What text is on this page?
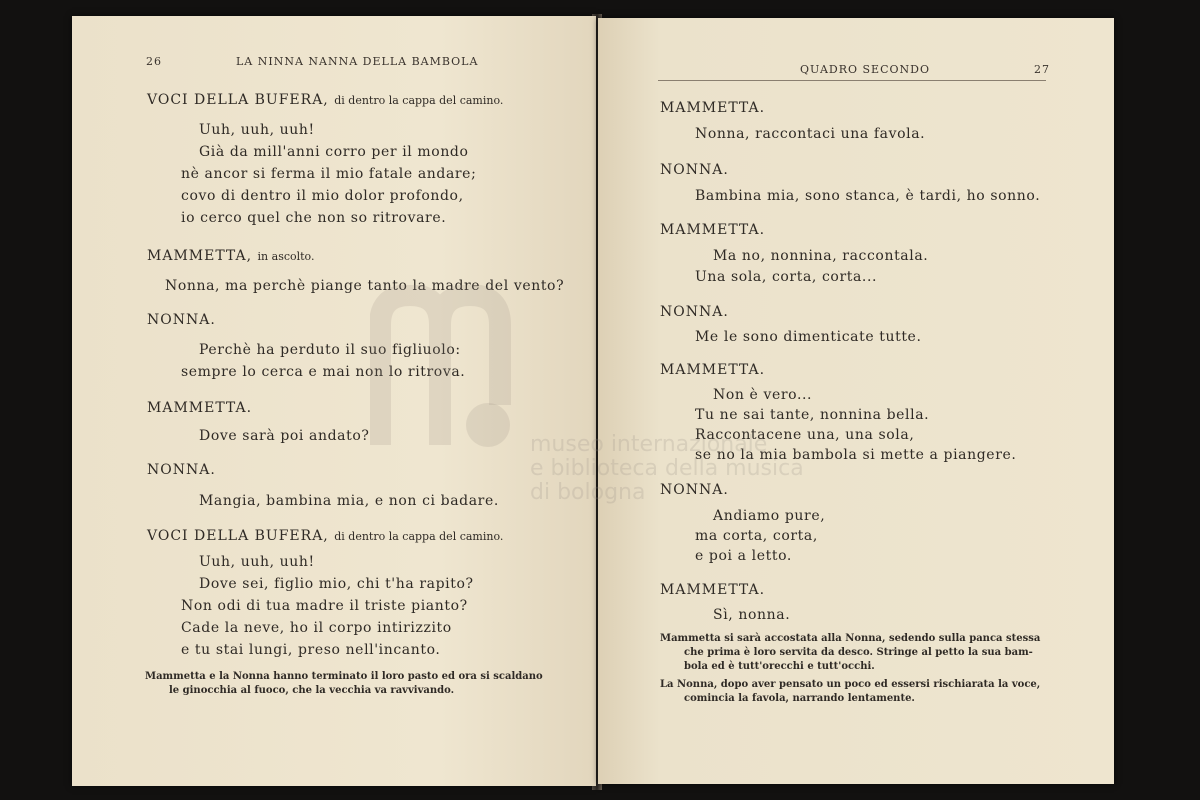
26	LA NINNA NANNA DELLA BAMBOLA
VOCI DELLA BUFERA, di dentro la cappa del camino.
Uuh, uuh, uuh!
Già da mill'anni corro per il mondo
nè ancor si ferma il mio fatale andare;
covo di dentro il mio dolor profondo,
io cerco quel che non so ritrovare.
MAMMETTA, in ascolto.
Nonna, ma perchè piange tanto la madre del vento?
NONNA.
Perchè ha perduto il suo figliuolo:
sempre lo cerca e mai non lo ritrova.
MAMMETTA.
Dove sarà poi andato?
NONNA.
Mangia, bambina mia, e non ci badare.
VOCI DELLA BUFERA, di dentro la cappa del camino.
Uuh, uuh, uuh!
Dove sei, figlio mio, chi t'ha rapito?
Non odi di tua madre il triste pianto?
Cade la neve, ho il corpo intirizzito
e tu stai lungi, preso nell'incanto.
Mammetta e la Nonna hanno terminato il loro pasto ed ora si scaldano
le ginocchia al fuoco, che la vecchia va ravvivando.
QUADRO SECONDO	27
MAMMETTA.
Nonna, raccontaci una favola.
NONNA.
Bambina mia, sono stanca, è tardi, ho sonno.
MAMMETTA.
Ma no, nonnina, raccontala.
Una sola, corta, corta...
NONNA.
Me le sono dimenticate tutte.
MAMMETTA.
Non è vero...
Tu ne sai tante, nonnina bella.
Raccontacene una, una sola,
se no la mia bambola si mette a piangere.
NONNA.
Andiamo pure,
ma corta, corta,
e poi a letto.
MAMMETTA.
Sì, nonna.
Mammetta si sarà accostata alla Nonna, sedendo sulla panca stessa
che prima è loro servita da desco. Stringe al petto la sua bam-
bola ed è tutt'orecchi e tutt'occhi.
La Nonna, dopo aver pensato un poco ed essersi rischiarata la voce,
comincia la favola, narrando lentamente.
museo internazionale
e biblioteca della musica
di bologna
